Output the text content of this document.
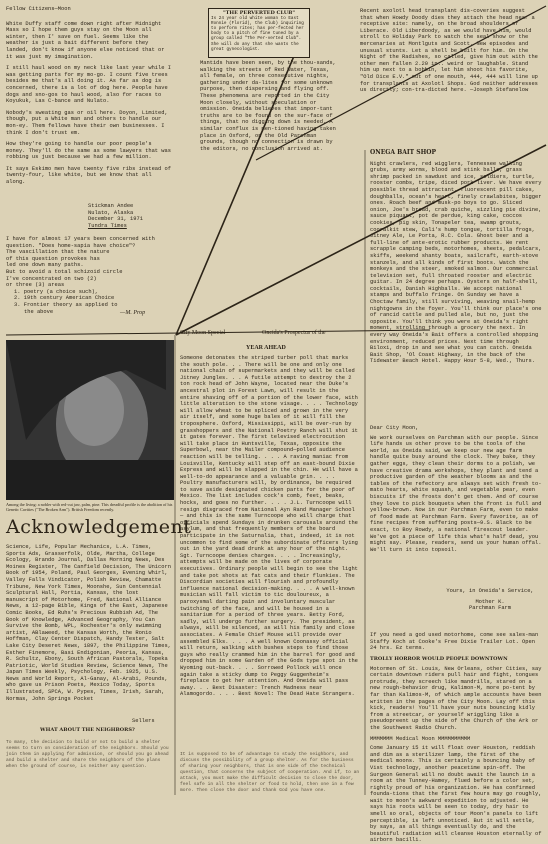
Fellow Citizens—Moon

White Duffy staff come down right after Midnight Mass so I hope them guys stay on the Moon all winter, then I' save on fuel. Seems like the weather is just a bait different before they landed, don't know if anyone else noticed that or it was just my imagination.

I still haul wood on my neck like last year while I was getting parts for my mo-go. I count five trees besides me that's all doing it. As far as dog is concerned, there is a lot of dog here. People have dogs and sno-gos to haul wood, also for races to Koyukuk, Las C-bance and Nulato.

Nobody's sweating gas or oil here. Doyon, Limited, though, put a White man and others to handle our mon-ey. Them fellows have their own businesses. I think I don't trust em.

How they're going to handle our poor people's money. They'll do the same as some lawyers that was robbing us just because we had a few million.

It says Eskimo men have twenty five ribs instead of twenty-four, like white, but we know that all along.

Stickman Andee
Nulato, Alaska
December 31, 1971
Tundra Times
I have for almost 17 years been concerned with question. "Does home-sapia have choice"?
The vascillation that the nature
of this question provokes has
led one down many paths.
But to avoid a total schizoid circle
I've concentrated on two (2)
or three (3) areas
1. poetry (a choice such),
2. 19th century American Choice
3. Frontier theory as applied to
the above	—M. Prop
"THE PERVERTED CLUB"
Is 24 year old white woman to East Ronnie (Florid), the Club) inquiring to perform rites; has per-fected her body to a pitch of fine tuned by a group called "The Per-verted Club". She will do any that she wants the great gynecologist.
Mantids have been seen, by the thou-sands, walking the streets of Red Water, Texas, all female, on three consecutive nights, gathering under da-lites for some unknown purpose, then dispersing and flying off. These phenomena are reported in the City Moon closely, without speculation or omission. Oneida believes that impor-tant truths are to be found on the sur-face of things, that no digging down is needed. A similar conflux is men-tioned having taken place in Oxford, on the Old Parchman grounds, though no connection is drawn by the editors, no conclusion arrived at.
Recent axolotl head transplant dis-coveries suggest that when Howdy Doody dies they attach the head near a receptive site: namely, on the broad shoulders of Liberace. Old Liberdoody, as we would have him, would stroll to Holiday Park to watch the seal show or the mercenaries at Montlguts and Scott. New episodes and unusual stunts. Let a shell be built for him. On the Night of the Radishes, so called, give him out with the other men fallen 2.20 in.. weird or laughable. Stand him up next to a bobbin, let him shoot his favorite, "Old Dice E.V." out of one mouth, 444, 444 will line up for transplants at Axolotl Shops. God neither addresses us directly; con-tra-dicted here. —Joseph Stefanelow
ONEGA BAIT SHOP
Night crawlers, red wigglers, Tennessee walking grubs, army worms, blood and stink balls, grass shrimp packed in sawdust and ice, soldiers, turtle, rooster combs, tripe, diced pork liver. We have every possible thread attractant, fluorescent pill cakes, doughballs, ocean's heart, finely crawlabites, bigger ones. Roach beef and musk-po boys to go. Sliced onion, Joe's bread, crab quiche, sizzling pie divine, sauce piquant, pot de perdue, king cake, coccos cookies, pig skin, Tonapeler tea, swamp grouts, cooralkit stew, Cali's hump tongue, tortilla frogs, Jitney Ale, Le Porta, R.C. Cola. Ghost beer and a full-line of ante-erotic rubber products. We rent scrapple camping beds, motorhomes, sheets, pedalcars, skiffs, weekend shanty boats, sailcraft, earth-stove stanzels, and all kinds of first boots. Watch the monkeys and the steer, smoked salmon. Our commercial television set, full throated rooster and electric guitar. In 24 degree perhaps. Oysters on half-shell, cocktails, Danish Highballs. We accept national stamps and buffalo fringe. On Sunday we have a Choctaw family, still surviving, weaving snail-hemp nightgowns in the foyer. You'll think our place's one of rancid cattle and pulled ale, but no, just the opposite. You'll think you were at Oneida's right moment, strolling through a grocery the next. In every way Oneida's Bait offers a controlled shopping environment, reduced prices. Next time through Biloxi, drop in and see what you can catch. Oneida Bait Shop, 'Ol Coast Highway, in the back of the Tidewater Beach Hotel. Happy Hour 5-8, Wed., Thurs.
City Moon Special	Oneida's Prospectus of the
YEAR AHEAD
Among the living: a nobler with red-cut jaw, palm, pine. This dreadful profile is the abolition of his Genetic Cavities ("The Broken Arm"). British Freedom recently.
Acknowledgement
Science, Life, Popular Mechanics, L.A. Times, Sports Ads, Grasserfolk, Olde, Martha, College Ecology, Brando Journal, Dallas Morning News, Des Moines Register, The Canfield Decision, The Unicorn Book of 1954, Poland, Paul Georges, Evening Whirl, Valley Falls Vindicator, Polish Review, Chamatte Tribune, New York Times, Moonshe, Sun Centennial Sculptural Hall, Portia, Kansas, the lost manuscript of Motorhome, Fred, National Alliance News, a 12-page Bible, Kings of the East, Japanese Comic Books, Ed Ruhs's Precious Rubbish Ad, The Book of Knowledge, Advanced Geography, You Can Survive the Bomb, WPL, Rochester's only swimming artist, ABlaweed, the Kansas Worth, the Ronio Hoffman, Clay Center Dispatch, Handy Tester, Salt Lake City Deseret News, 1897, the Philippine Times, Esther Finemore, Basi Endigonian, Peoria, Kansas, R. Schultz, Ebony, South African Pastorals, Topeka Patriotic, World Studies Review, Science News, The Japan Times Weekly, Psychology, Feb. 1925, U.S. News and World Report, Al-Ganay, Al-Arabi, Pounds, who gave us Prison Poets, Mexico Today, Sports Illustrated, SPCA, W. Pypes, Times, Irish, Sarah, Normas, John Springs Pocket
Sellers
WHAT ABOUT THE NEIGHBORS?
To many, the decision to build or not to build a shelter seems to turn on consideration of the neighbors. Should you join them in applying for admission, or should you go ahead and build a shelter and share the neighbors of the plans when the ground of course, is neither any question.
Someone detonates the striped turber poll that marks the south pole. . . There will be one and only one national chain of supermarkets and they will be called Jitney Jungles. . . A futile attempt to destroy the 2 ton rock head of John Wayne, located near the Duke's ancestral plot in Forest Lawn, will result in the entire shaving off of a portion of the lower face, with little alteration to the stone visage. . . . Technology will allow wheat to be spliced and grown in the very air itself, and some huge bales of it will fill the troposphere. Oxford, Mississippi, will be over-run by grasshoppers and the National Poetry Ranch will shut it it gates forever. The first televised electrocution will take place in Huntsville, Texas, opposite the Superbowl, near the Mailer compound—polled audience reaction will be telling. . . . A raving maniac from Louisville, Kentucky will step off an east-bound Dixie Express and will be slapped in the chin. He will have a well-to-do appearance and a valuable grin. . . . Poultry manufacturers will, by ordinance, be required to save aside designated chicken parts for the poor of Mexico. The list includes cock's comb, feet, beaks, hocks, and goes no further. . . . J.L. Turncoope will resign disgraced from National Ayn Rand Manager School — and this is the same Turncoope who will charge that officials spend Sundays in drunken carousals around the asylum, and that frequently members of the board participate in the Saturnalia, that, indeed, it is not uncommon to find some of the subordinate officers lying out in the yard dead drunk at any hour of the night. Sgt. Turncoope denies charges. . . . Increasingly, attempts will be made on the lives of corporate executives. Ordinary people will begin to see the light and take pot shots at fat cats and their flunkies. The Discordian societies will flourish and profoundly influence national decision-making. . . . A well-known musician will fall victim to tic douloureux, a paroxysmal darting pain and involuntary muscular twitching of the face, and will be housed in a sanitarium for a period of three years. Betty Ford, sadly, will undergo further surgery. The president, as always, will be silenced, as will his family and close associates. A Female Chief Mouse will provide over assembled Elks. . . . A well known Coonassy official will return, walking with bushes steps to find those guys who really crammed him in the barrel for good and dropped him in some Garden of the Gods type spot in the Wyoming out-back. . . . Sorrowed Pollock will once again take a sticky dump to Peggy Guggenheim's fireplace to get her attention. And Oneida will pass away. . . Best Disaster: Trench Madness near Alamogordo. . . . Best Novel: The Dead Hate Strangers.
It is supposed to be of advantage to study the neighbors, and discuss the possibility of a group shelter. As for the business of sharing your neighbors, that is one side of the technical question, that concerns the subject of cooperation. And if, to an attack, you must make the difficult decision to close the door, feel safe in all the shelter or food to hold, then one in a few more. Then close the door and thank God you have one.
Dear City Moon,
We work ourselves on Parchman with our people. Since life hands us other prove to be the tools of the world, as Oneida said, we keep our new age farm handle quite busy around the clock. They bake, they gather eggs, they clean their dorms to a polish, we have creative drama workshops, they plant and tend a productive garden of the weather blooms as and the tables of the refectory are always set with fresh to-mato hearts, white squash, and vegetable pear, even biscuits if the frosts don't get them. And of course they love to pick bouquets when the front is full and yellow-brown. Now in our Parchman Farm, even to make of food made at Parchman Farm. Every favorite, as of fine recipes from suffering posts—9.S. Black to be exact, to Boy Rowdy, a national firescout leader. We've got a piece of life this what's half dead, you might say. Please, readers, send us your human offal. We'll turn it into topsoil.
Yours, in Oneida's Service,
Mother K.
Parchman Farm
If you need a god used motorhome, come see sales-man Staffy Koch at Cooke's Free Dixie Trailer Lot. Open 24 hrs. Ez terms.
TROLLY HORROR WOULD PEOPLE DOWNTOWN
Motormen of St. Louis, New Orleans, other Cities, say certain downtown riders pull hair and fight, tongues protrude, they screech like mandrills, stared on a new rough-behavior drug, Kalimon-M, more po-tent by far than Kalimos-M, of which ample accounts have been written in the pages of the City Moon. Lay off this kick, readers! You'll have your nuts bouncing kidly from a streetcar, or yourself wriggling like a pseudopreent up the side of the Church of the Ark or the Southwest Radio Church.
MMMMMMM Medical Moon MMMMMMMMMM
Come January 15 it will float over Houston, reddish and dim as a sterilizer lamp, the first of the medical moons. This is certainly a bouncing baby of Vist technology, another peacetime spin-off. The Surgeon General will no doubt await the launch in a room at the Tunney-Hamey, flued before a color set, rightly proud of his organization. He has confirmed founda-tions that the first few hours may go roughly, wait to moon's awkward expedition to adjusted. He says his roots will be seen to today, dry hair to smell so oral, objects of tour Moon's panels to lift perceptible, is left unnoticed. But it will settle, by says, as all things eventually do, and the beautiful radiation will cleanse Houston eternally of airborn bacilli.
